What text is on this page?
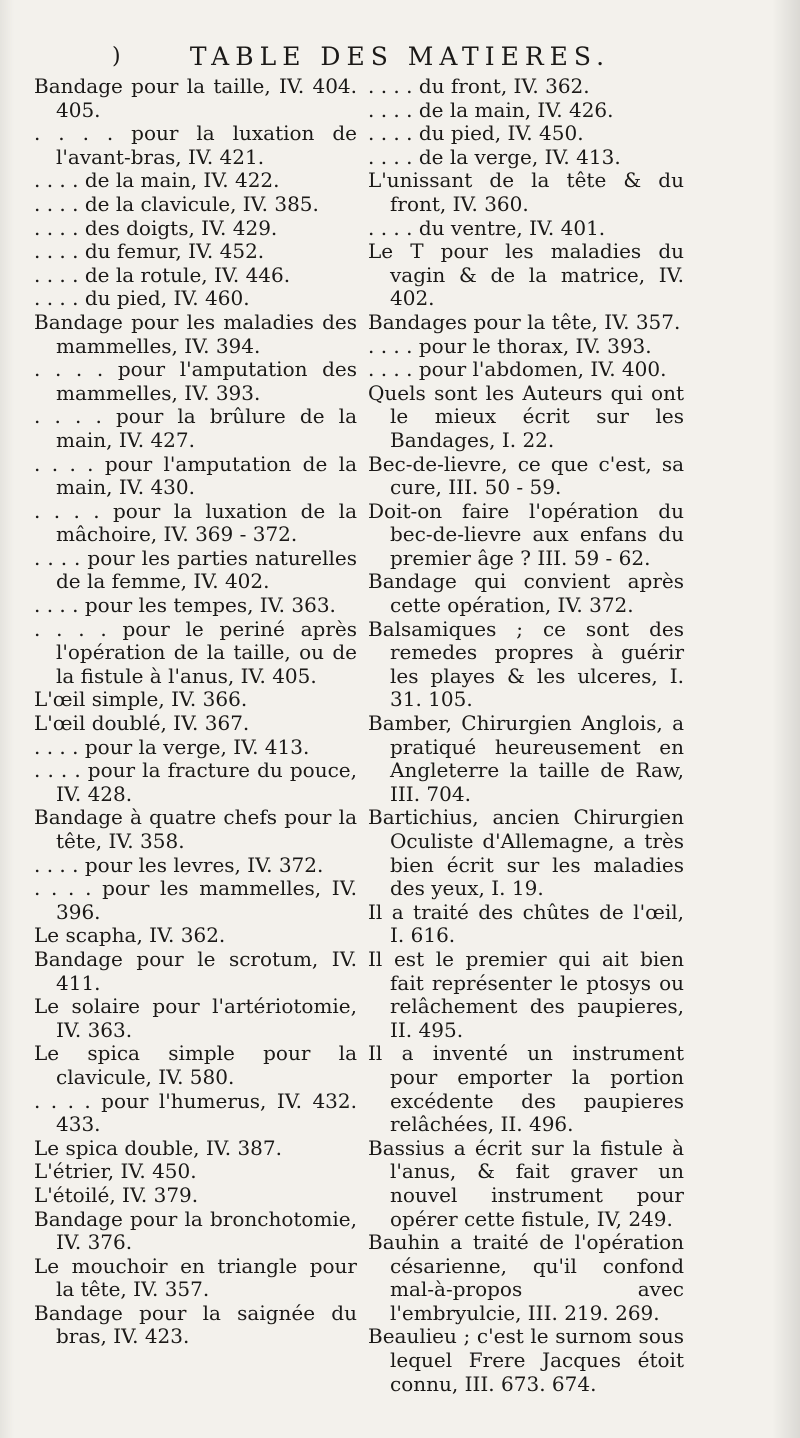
)	TABLE DES MATIERES.

Bandage pour la taille, IV. 404. 405.

. . . . pour la luxation de l'avant-bras, IV. 421.

. . . . de la main, IV. 422.

. . . . de la clavicule, IV. 385.

. . . . des doigts, IV. 429.

. . . . du femur, IV. 452.

. . . . de la rotule, IV. 446.

. . . . du pied, IV. 460.

Bandage pour les maladies des mammelles, IV. 394.

. . . . pour l'amputation des mammelles, IV. 393.

. . . . pour la brûlure de la main, IV. 427.

. . . . pour l'amputation de la main, IV. 430.

. . . . pour la luxation de la mâchoire, IV. 369 - 372.

. . . . pour les parties naturelles de la femme, IV. 402.

. . . . pour les tempes, IV. 363.

. . . . pour le periné après l'opération de la taille, ou de la fistule à l'anus, IV. 405.

L'œil simple, IV. 366.

L'œil doublé, IV. 367.

. . . . pour la verge, IV. 413.

. . . . pour la fracture du pouce, IV. 428.

Bandage à quatre chefs pour la tête, IV. 358.

. . . . pour les levres, IV. 372.

. . . . pour les mammelles, IV. 396.

Le scapha, IV. 362.

Bandage pour le scrotum, IV. 411.

Le solaire pour l'artériotomie, IV. 363.

Le spica simple pour la clavicule, IV. 580.

. . . . pour l'humerus, IV. 432. 433.

Le spica double, IV. 387.

L'étrier, IV. 450.

L'étoilé, IV. 379.

Bandage pour la bronchotomie, IV. 376.

Le mouchoir en triangle pour la tête, IV. 357.

Bandage pour la saignée du bras, IV. 423.

. . . . du front, IV. 362.

. . . . de la main, IV. 426.

. . . . du pied, IV. 450.

. . . . de la verge, IV. 413.

L'unissant de la tête & du front, IV. 360.

. . . . du ventre, IV. 401.

Le T pour les maladies du vagin & de la matrice, IV. 402.

Bandages pour la tête, IV. 357.

. . . . pour le thorax, IV. 393.

. . . . pour l'abdomen, IV. 400.

Quels sont les Auteurs qui ont le mieux écrit sur les Bandages, I. 22.

Bec-de-lievre, ce que c'est, sa cure, III. 50 - 59.

Doit-on faire l'opération du bec-de-lievre aux enfans du premier âge ? III. 59 - 62.

Bandage qui convient après cette opération, IV. 372.

Balsamiques ; ce sont des remedes propres à guérir les playes & les ulceres, I. 31. 105.

Bamber, Chirurgien Anglois, a pratiqué heureusement en Angleterre la taille de Raw, III. 704.

Bartichius, ancien Chirurgien Oculiste d'Allemagne, a très bien écrit sur les maladies des yeux, I. 19.

Il a traité des chûtes de l'œil, I. 616.

Il est le premier qui ait bien fait représenter le ptosys ou relâchement des paupieres, II. 495.

Il a inventé un instrument pour emporter la portion excédente des paupieres relâchées, II. 496.

Bassius a écrit sur la fistule à l'anus, & fait graver un nouvel instrument pour opérer cette fistule, IV, 249.

Bauhin a traité de l'opération césarienne, qu'il confond mal-à-propos avec l'embryulcie, III. 219. 269.

Beaulieu ; c'est le surnom sous lequel Frere Jacques étoit connu, III. 673. 674.
